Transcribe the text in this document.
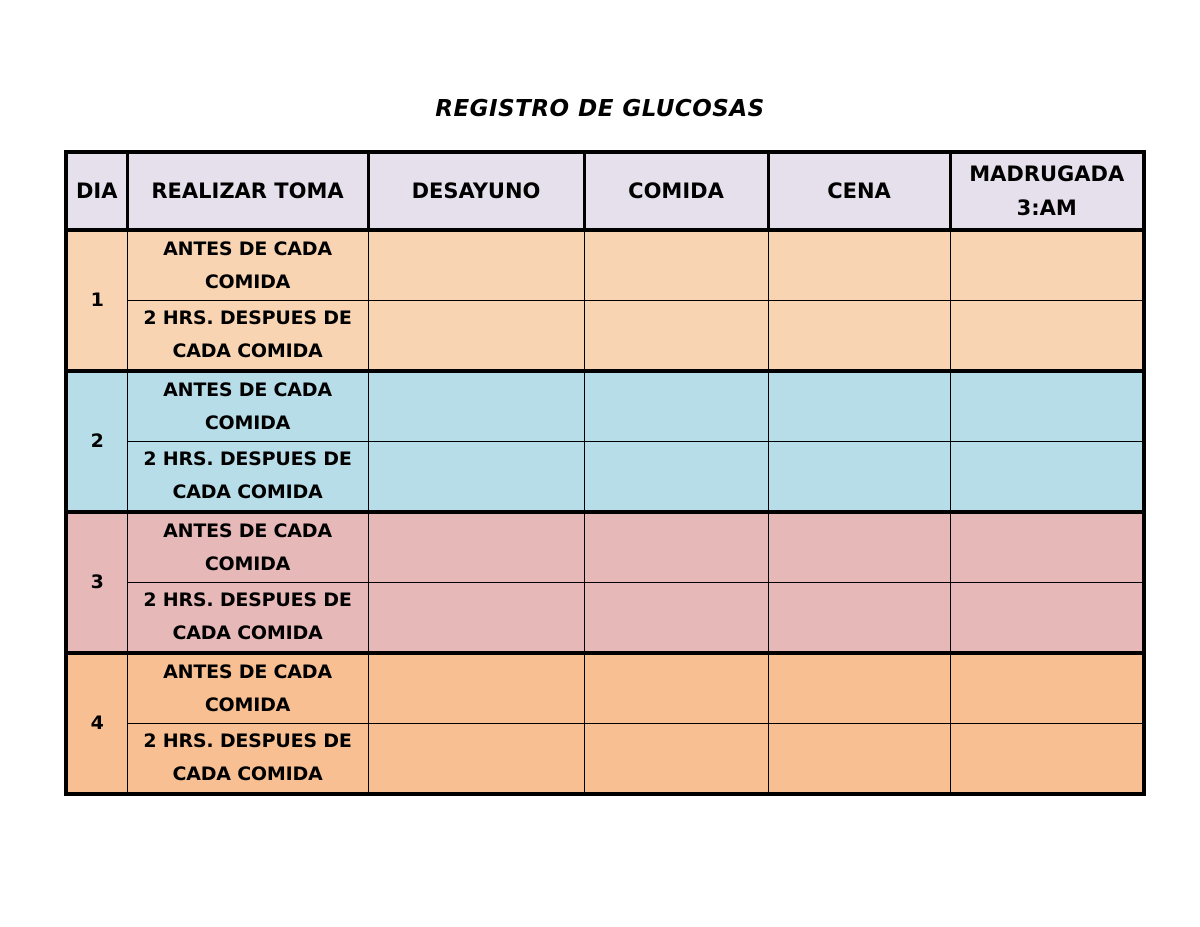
REGISTRO DE GLUCOSAS
DIA	REALIZAR TOMA	DESAYUNO	COMIDA	CENA	MADRUGADA 3:AM
1	ANTES DE CADA COMIDA				
	2 HRS. DESPUES DE CADA COMIDA				
2	ANTES DE CADA COMIDA				
	2 HRS. DESPUES DE CADA COMIDA				
3	ANTES DE CADA COMIDA				
	2 HRS. DESPUES DE CADA COMIDA				
4	ANTES DE CADA COMIDA				
	2 HRS. DESPUES DE CADA COMIDA				
